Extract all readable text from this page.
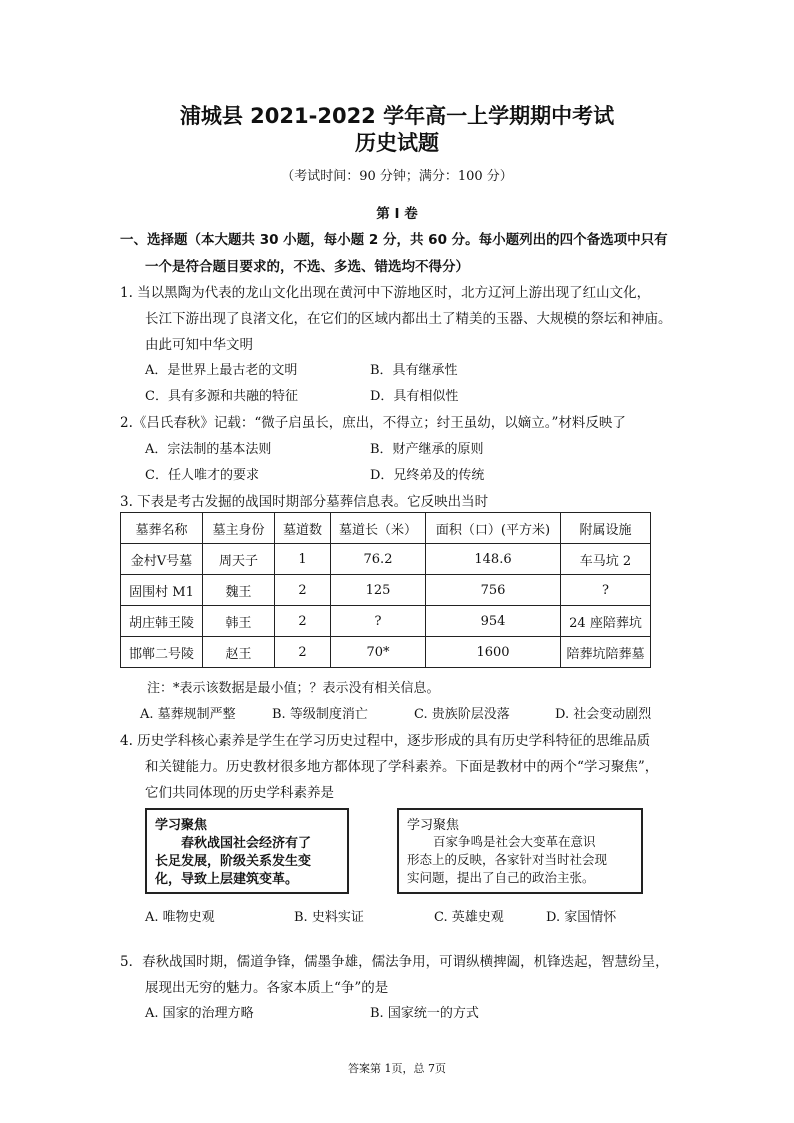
浦城县 2021-2022 学年高一上学期期中考试
历史试题
（考试时间：90 分钟；满分：100 分）
第 I 卷
一、选择题（本大题共 30 小题，每小题 2 分，共 60 分。每小题列出的四个备选项中只有
一个是符合题目要求的，不选、多选、错选均不得分）
1. 当以黑陶为代表的龙山文化出现在黄河中下游地区时，北方辽河上游出现了红山文化，
长江下游出现了良渚文化，在它们的区域内都出土了精美的玉器、大规模的祭坛和神庙。
由此可知中华文明
A．是世界上最古老的文明	B．具有继承性
C．具有多源和共融的特征	D．具有相似性
2.《吕氏春秋》记载：“微子启虽长，庶出，不得立；纣王虽幼，以嫡立。”材料反映了
A．宗法制的基本法则	B．财产继承的原则
C．任人唯才的要求	D．兄终弟及的传统
3. 下表是考古发掘的战国时期部分墓葬信息表。它反映出当时
墓葬名称	墓主身份	墓道数	墓道长（米）	面积（口）(平方米)	附属设施
金村Ⅴ号墓	周天子	1	76.2	148.6	车马坑 2
固围村 M1	魏王	2	125	756	?
胡庄韩王陵	韩王	2	?	954	24 座陪葬坑
邯郸二号陵	赵王	2	70*	1600	陪葬坑陪葬墓
注：*表示该数据是最小值；？表示没有相关信息。
A. 墓葬规制严整	B. 等级制度消亡	C. 贵族阶层没落	D. 社会变动剧烈
4. 历史学科核心素养是学生在学习历史过程中，逐步形成的具有历史学科特征的思维品质
和关键能力。历史教材很多地方都体现了学科素养。下面是教材中的两个“学习聚焦”，
它们共同体现的历史学科素养是
学习聚焦
春秋战国社会经济有了
长足发展，阶级关系发生变
化，导致上层建筑变革。
学习聚焦
百家争鸣是社会大变革在意识
形态上的反映，各家针对当时社会现
实问题，提出了自己的政治主张。
A. 唯物史观	B. 史料实证	C. 英雄史观	D. 家国情怀
5．春秋战国时期，儒道争锋，儒墨争雄，儒法争用，可谓纵横捭阖，机锋迭起，智慧纷呈，
展现出无穷的魅力。各家本质上“争”的是
A. 国家的治理方略	B. 国家统一的方式
答案第 1页，总 7页
